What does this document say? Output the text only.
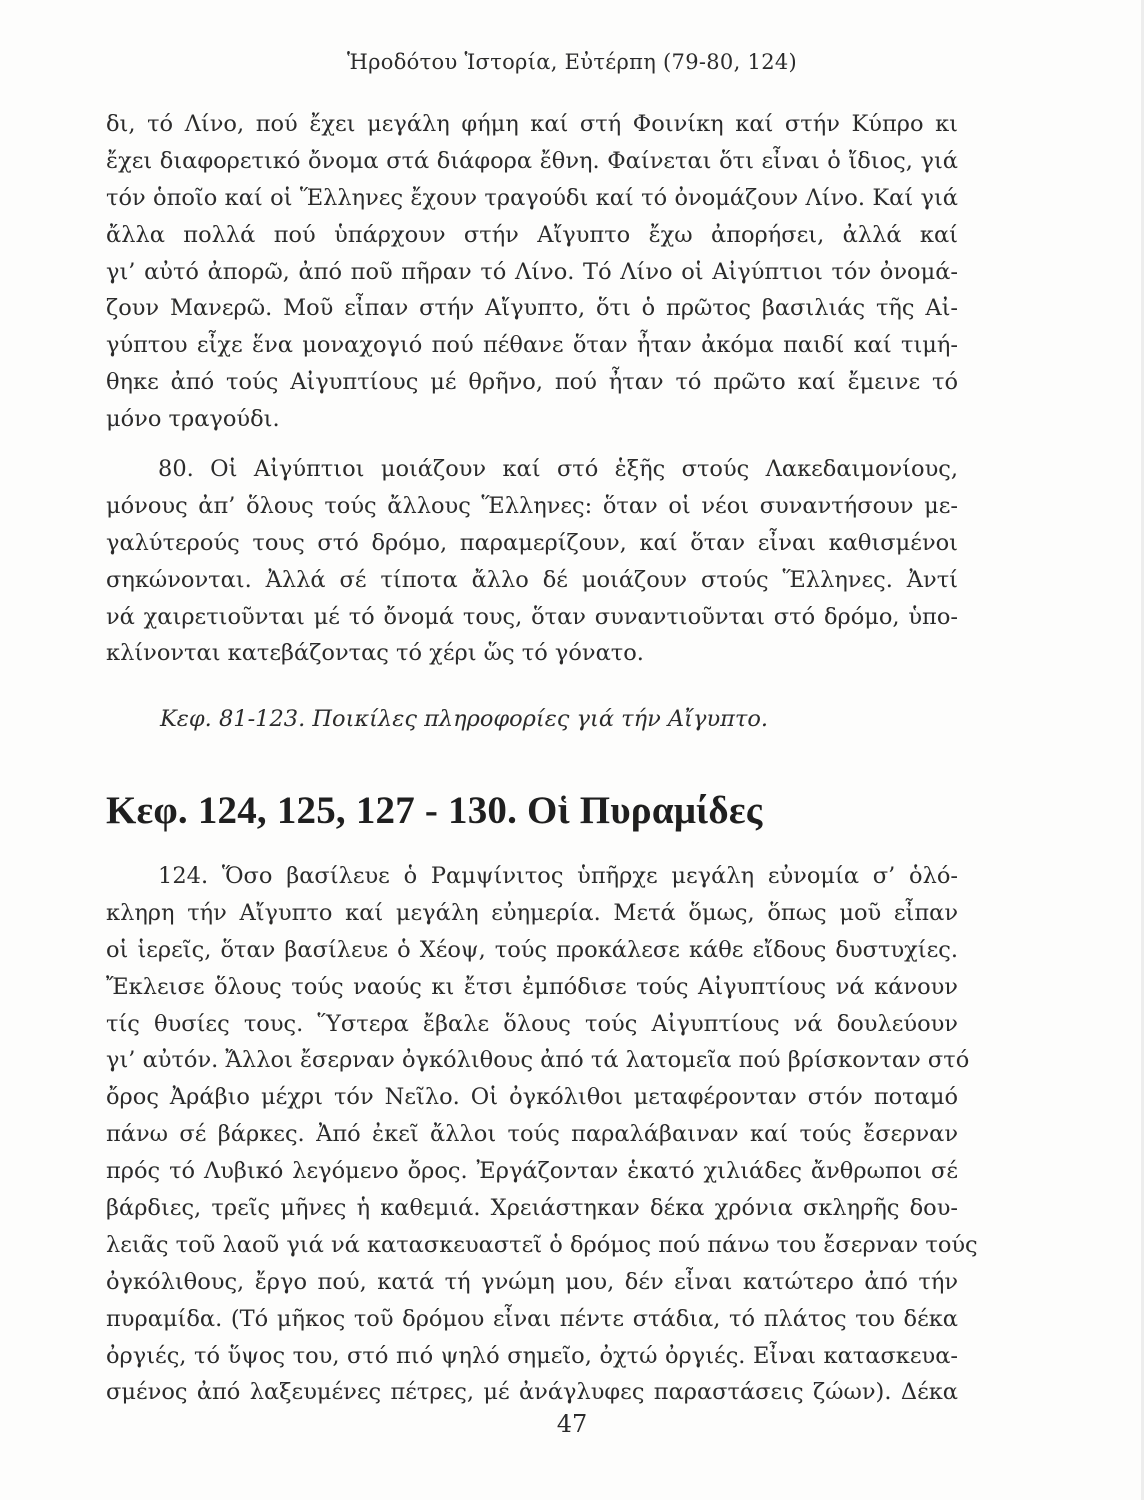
Ἡροδότου Ἱστορία, Εὐτέρπη (79-80, 124)
δι, τό Λίνο, πού ἔχει μεγάλη φήμη καί στή Φοινίκη καί στήν Κύπρο κι
ἔχει διαφορετικό ὄνομα στά διάφορα ἔθνη. Φαίνεται ὅτι εἶναι ὁ ἴδιος, γιά
τόν ὁποῖο καί οἱ Ἕλληνες ἔχουν τραγούδι καί τό ὀνομάζουν Λίνο. Καί γιά
ἄλλα πολλά πού ὑπάρχουν στήν Αἴγυπτο ἔχω ἀπορήσει, ἀλλά καί
γι’ αὐτό ἀπορῶ, ἀπό ποῦ πῆραν τό Λίνο. Τό Λίνο οἱ Αἰγύπτιοι τόν ὀνομά-
ζουν Μανερῶ. Μοῦ εἶπαν στήν Αἴγυπτο, ὅτι ὁ πρῶτος βασιλιάς τῆς Αἰ-
γύπτου εἶχε ἕνα μοναχογιό πού πέθανε ὅταν ἦταν ἀκόμα παιδί καί τιμή-
θηκε ἀπό τούς Αἰγυπτίους μέ θρῆνο, πού ἦταν τό πρῶτο καί ἔμεινε τό
μόνο τραγούδι.
80. Οἱ Αἰγύπτιοι μοιάζουν καί στό ἑξῆς στούς Λακεδαιμονίους,
μόνους ἀπ’ ὅλους τούς ἄλλους Ἕλληνες: ὅταν οἱ νέοι συναντήσουν με-
γαλύτερούς τους στό δρόμο, παραμερίζουν, καί ὅταν εἶναι καθισμένοι
σηκώνονται. Ἀλλά σέ τίποτα ἄλλο δέ μοιάζουν στούς Ἕλληνες. Ἀντί
νά χαιρετιοῦνται μέ τό ὄνομά τους, ὅταν συναντιοῦνται στό δρόμο, ὑπο-
κλίνονται κατεβάζοντας τό χέρι ὥς τό γόνατο.
Κεφ. 81-123. Ποικίλες πληροφορίες γιά τήν Αἴγυπτο.
Κεφ. 124, 125, 127 - 130. Οἱ Πυραμίδες
124. Ὅσο βασίλευε ὁ Ραμψίνιτος ὑπῆρχε μεγάλη εὐνομία σ’ ὁλό-
κληρη τήν Αἴγυπτο καί μεγάλη εὐημερία. Μετά ὅμως, ὅπως μοῦ εἶπαν
οἱ ἱερεῖς, ὅταν βασίλευε ὁ Χέοψ, τούς προκάλεσε κάθε εἴδους δυστυχίες.
Ἔκλεισε ὅλους τούς ναούς κι ἔτσι ἐμπόδισε τούς Αἰγυπτίους νά κάνουν
τίς θυσίες τους. Ὕστερα ἔβαλε ὅλους τούς Αἰγυπτίους νά δουλεύουν
γι’ αὐτόν. Ἄλλοι ἔσερναν ὀγκόλιθους ἀπό τά λατομεῖα πού βρίσκονταν στό
ὄρος Ἀράβιο μέχρι τόν Νεῖλο. Οἱ ὀγκόλιθοι μεταφέρονταν στόν ποταμό
πάνω σέ βάρκες. Ἀπό ἐκεῖ ἄλλοι τούς παραλάβαιναν καί τούς ἔσερναν
πρός τό Λυβικό λεγόμενο ὄρος. Ἐργάζονταν ἑκατό χιλιάδες ἄνθρωποι σέ
βάρδιες, τρεῖς μῆνες ἡ καθεμιά. Χρειάστηκαν δέκα χρόνια σκληρῆς δου-
λειᾶς τοῦ λαοῦ γιά νά κατασκευαστεῖ ὁ δρόμος πού πάνω του ἔσερναν τούς
ὀγκόλιθους, ἔργο πού, κατά τή γνώμη μου, δέν εἶναι κατώτερο ἀπό τήν
πυραμίδα. (Τό μῆκος τοῦ δρόμου εἶναι πέντε στάδια, τό πλάτος του δέκα
ὀργιές, τό ὕψος του, στό πιό ψηλό σημεῖο, ὀχτώ ὀργιές. Εἶναι κατασκευα-
σμένος ἀπό λαξευμένες πέτρες, μέ ἀνάγλυφες παραστάσεις ζώων). Δέκα
47
